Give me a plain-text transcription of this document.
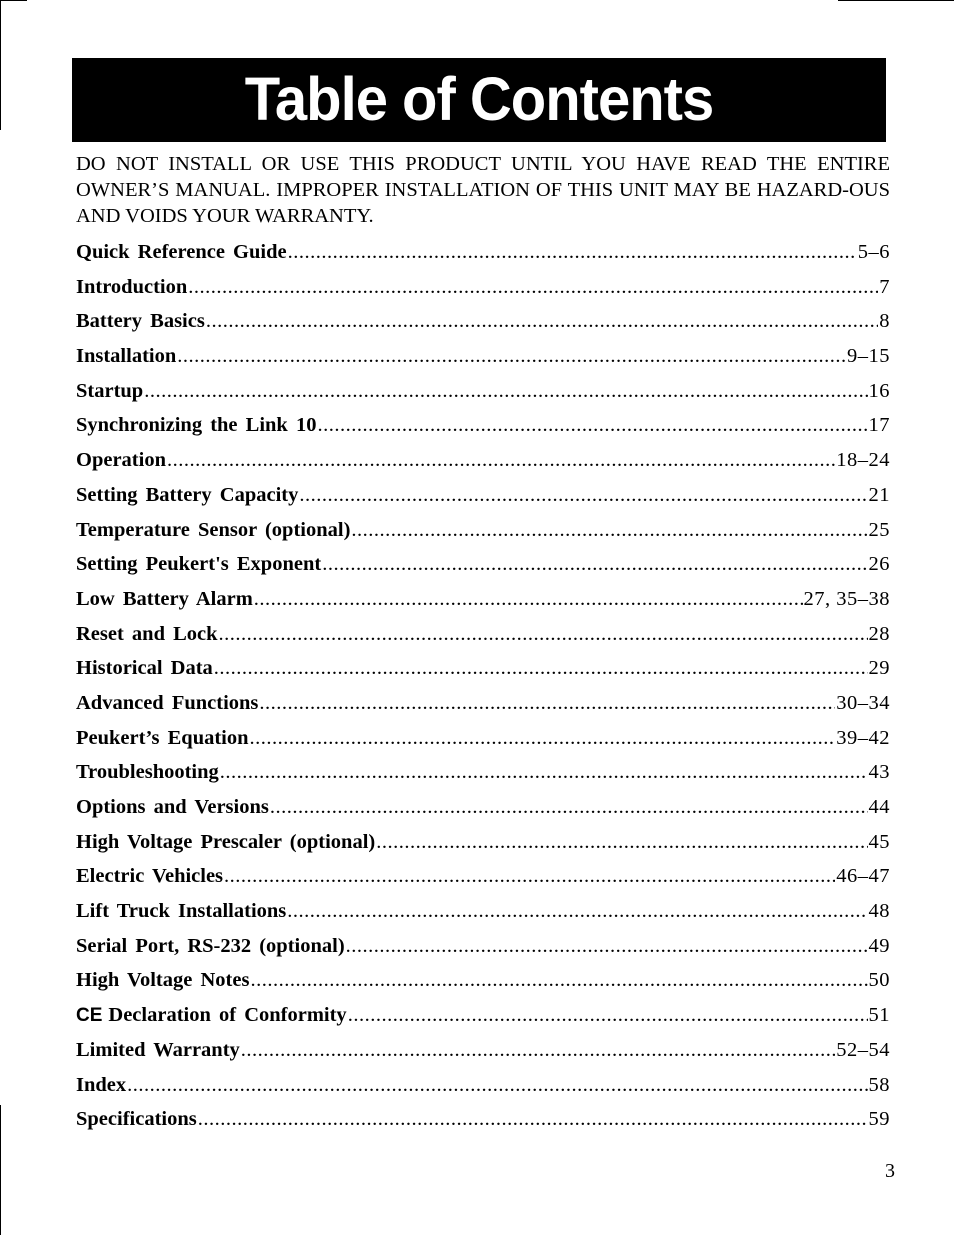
Table of Contents
DO NOT INSTALL OR USE THIS PRODUCT UNTIL YOU HAVE READ THE ENTIRE OWNER’S MANUAL. IMPROPER INSTALLATION OF THIS UNIT MAY BE HAZARD-OUS AND VOIDS YOUR WARRANTY.
Quick Reference Guide .....	5–6
Introduction .....	7
Battery Basics .....	8
Installation .....	9–15
Startup .....	16
Synchronizing the Link 10 .....	17
Operation .....	18–24
Setting Battery Capacity .....	21
Temperature Sensor (optional) .....	25
Setting Peukert's Exponent .....	26
Low Battery Alarm .....	27, 35–38
Reset and Lock .....	28
Historical Data .....	29
Advanced Functions .....	30–34
Peukert’s Equation .....	39–42
Troubleshooting .....	43
Options and Versions .....	44
High Voltage Prescaler (optional) .....	45
Electric Vehicles .....	46–47
Lift Truck Installations .....	48
Serial Port, RS-232 (optional) .....	49
High Voltage Notes .....	50
CE Declaration of Conformity .....	51
Limited Warranty .....	52–54
Index .....	58
Specifications .....	59
3
